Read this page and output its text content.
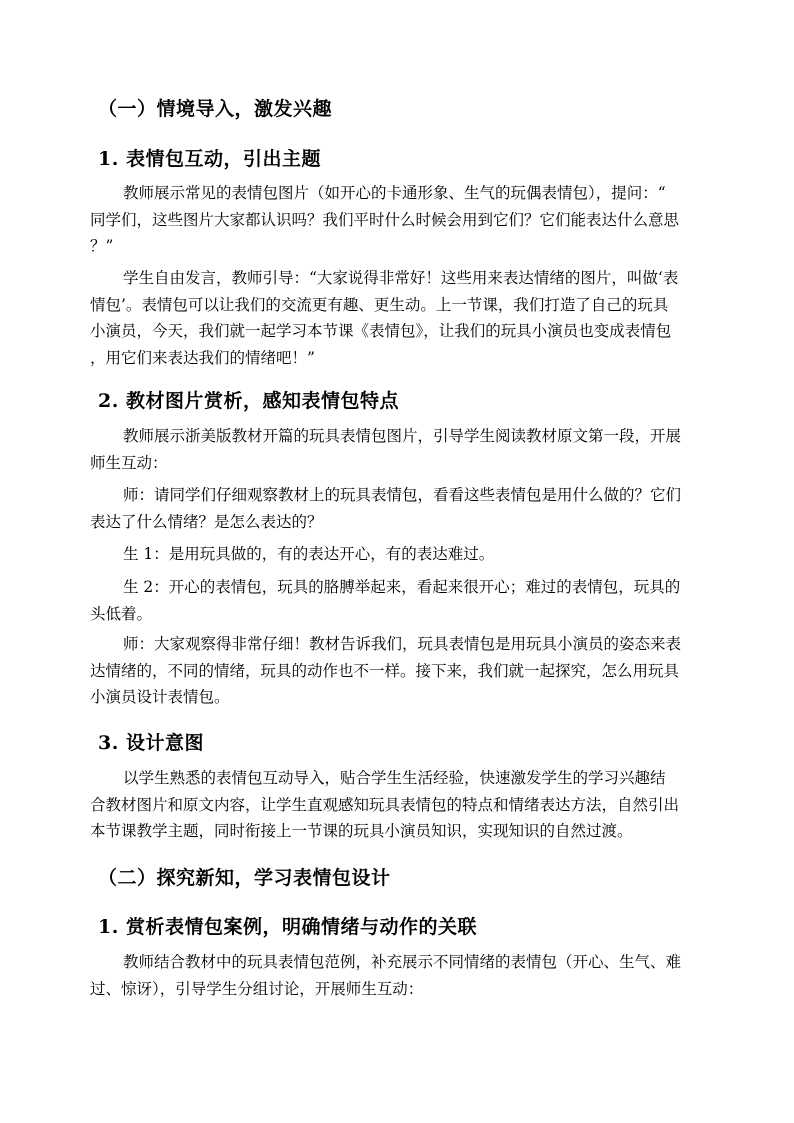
（一）情境导入，激发兴趣
1. 表情包互动，引出主题
教师展示常见的表情包图片（如开心的卡通形象、生气的玩偶表情包），提问：“
同学们，这些图片大家都认识吗？我们平时什么时候会用到它们？它们能表达什么意思
？”
学生自由发言，教师引导：“大家说得非常好！这些用来表达情绪的图片，叫做‘表
情包’。表情包可以让我们的交流更有趣、更生动。上一节课，我们打造了自己的玩具
小演员，今天，我们就一起学习本节课《表情包》，让我们的玩具小演员也变成表情包
，用它们来表达我们的情绪吧！”
2. 教材图片赏析，感知表情包特点
教师展示浙美版教材开篇的玩具表情包图片，引导学生阅读教材原文第一段，开展
师生互动：
师：请同学们仔细观察教材上的玩具表情包，看看这些表情包是用什么做的？它们
表达了什么情绪？是怎么表达的？
生 1：是用玩具做的，有的表达开心，有的表达难过。
生 2：开心的表情包，玩具的胳膊举起来，看起来很开心；难过的表情包，玩具的
头低着。
师：大家观察得非常仔细！教材告诉我们，玩具表情包是用玩具小演员的姿态来表
达情绪的，不同的情绪，玩具的动作也不一样。接下来，我们就一起探究，怎么用玩具
小演员设计表情包。
3. 设计意图
以学生熟悉的表情包互动导入，贴合学生生活经验，快速激发学生的学习兴趣结
合教材图片和原文内容，让学生直观感知玩具表情包的特点和情绪表达方法，自然引出
本节课教学主题，同时衔接上一节课的玩具小演员知识，实现知识的自然过渡。
（二）探究新知，学习表情包设计
1. 赏析表情包案例，明确情绪与动作的关联
教师结合教材中的玩具表情包范例，补充展示不同情绪的表情包（开心、生气、难
过、惊讶），引导学生分组讨论，开展师生互动：
